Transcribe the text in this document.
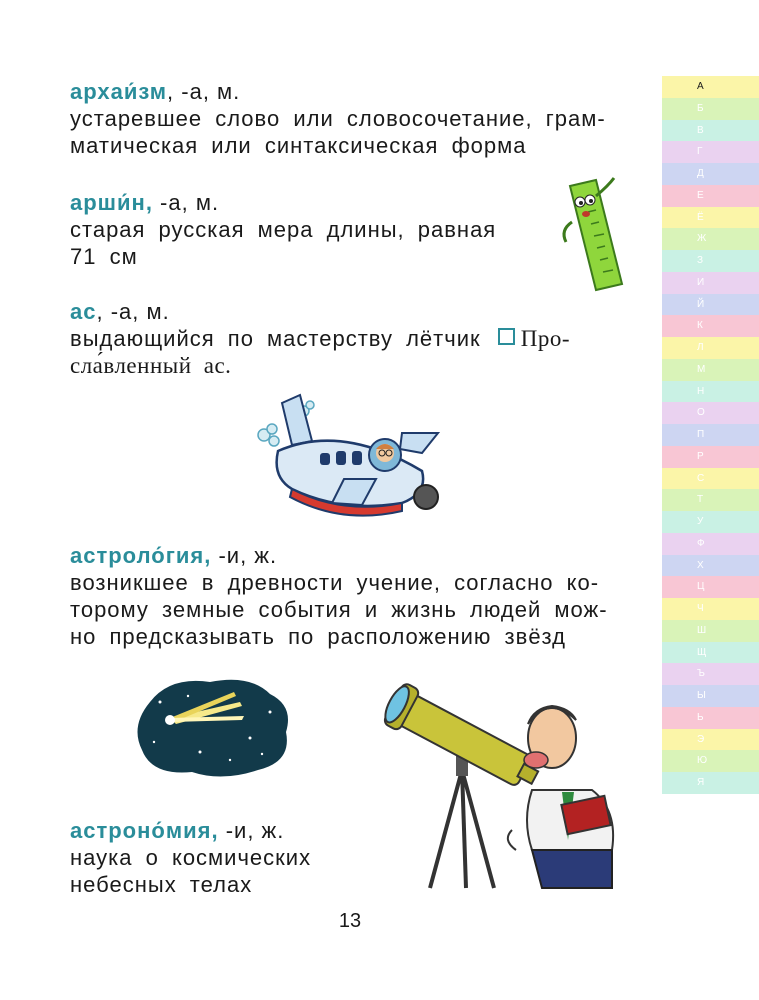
архаи́зм, -а, м.
устаревшее слово или словосочетание, грам-
матическая или синтаксическая форма
арши́н, -а, м.
старая русская мера длины, равная
71 см
ас, -а, м.
выдающийся по мастерству лётчик Про-
сла́вленный ас.
астроло́гия, -и, ж.
возникшее в древности учение, согласно ко-
торому земные события и жизнь людей мож-
но предсказывать по расположению звёзд
астроно́мия, -и, ж.
наука о космических
небесных телах
А
Б
В
Г
Д
Е
Ё
Ж
З
И
Й
К
Л
М
Н
О
П
Р
С
Т
У
Ф
Х
Ц
Ч
Ш
Щ
Ъ
Ы
Ь
Э
Ю
Я
13
